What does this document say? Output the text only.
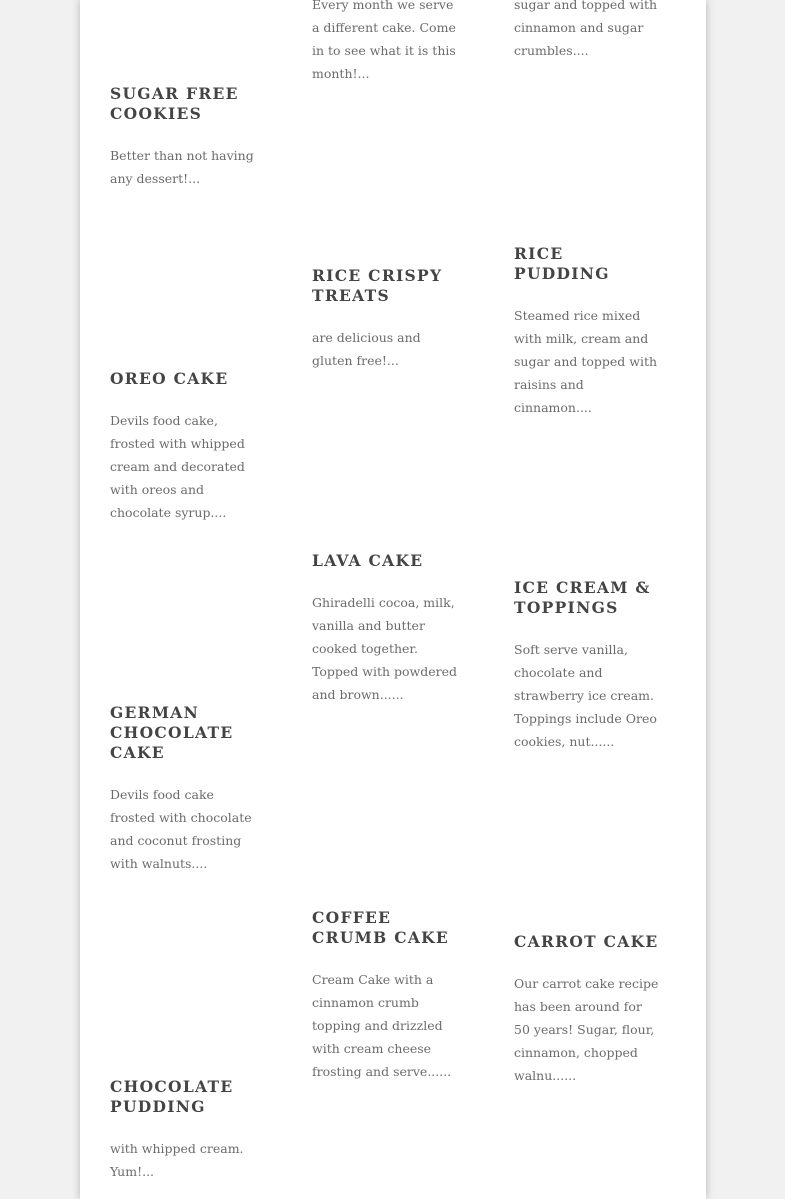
Every month we serve a different cake. Come in to see what it is this month!...

sugar and topped with cinnamon and sugar crumbles....

SUGAR FREE COOKIES

Better than not having any dessert!...

RICE CRISPY TREATS

are delicious and gluten free!...

RICE PUDDING

Steamed rice mixed with milk, cream and sugar and topped with raisins and cinnamon....

OREO CAKE

Devils food cake, frosted with whipped cream and decorated with oreos and chocolate syrup....

LAVA CAKE

Ghiradelli cocoa, milk, vanilla and butter cooked together. Topped with powdered and brown......

ICE CREAM & TOPPINGS

Soft serve vanilla, chocolate and strawberry ice cream. Toppings include Oreo cookies, nut......

GERMAN CHOCOLATE CAKE

Devils food cake frosted with chocolate and coconut frosting with walnuts....

COFFEE CRUMB CAKE

Cream Cake with a cinnamon crumb topping and drizzled with cream cheese frosting and serve......

CARROT CAKE

Our carrot cake recipe has been around for 50 years! Sugar, flour, cinnamon, chopped walnu......

CHOCOLATE PUDDING

with whipped cream. Yum!...
